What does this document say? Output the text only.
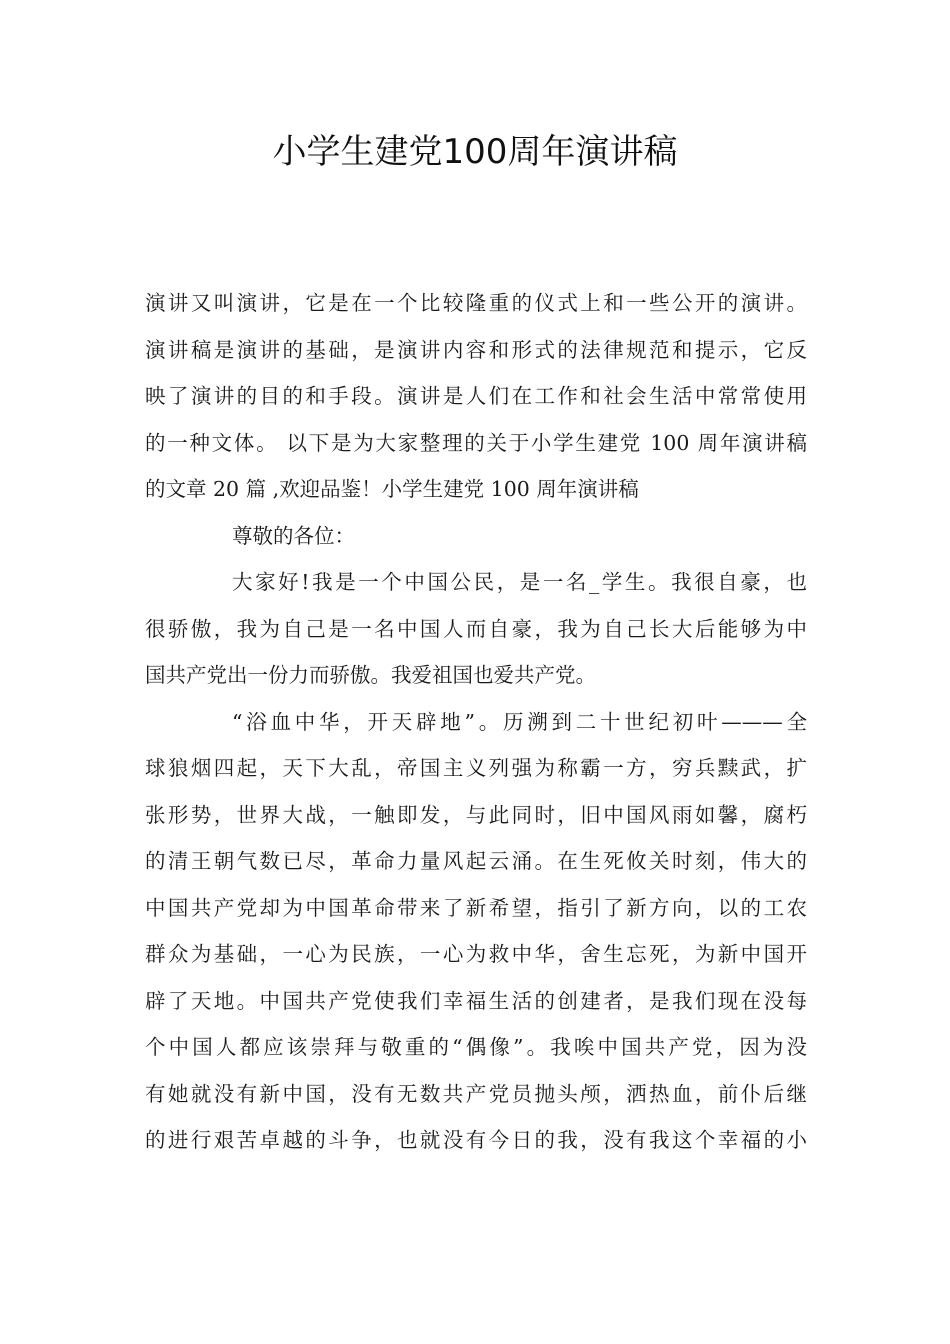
小学生建党100周年演讲稿
演讲又叫演讲，它是在一个比较隆重的仪式上和一些公开的演讲。
演讲稿是演讲的基础，是演讲内容和形式的法律规范和提示，它反
映了演讲的目的和手段。演讲是人们在工作和社会生活中常常使用
的一种文体。 以下是为大家整理的关于小学生建党 100 周年演讲稿
的文章 20 篇 ,欢迎品鉴！小学生建党 100 周年演讲稿
尊敬的各位：
大家好!我是一个中国公民，是一名_学生。我很自豪，也
很骄傲，我为自己是一名中国人而自豪，我为自己长大后能够为中
国共产党出一份力而骄傲。我爱祖国也爱共产党。
“浴血中华，开天辟地”。历溯到二十世纪初叶———全
球狼烟四起，天下大乱，帝国主义列强为称霸一方，穷兵黩武，扩
张形势，世界大战，一触即发，与此同时，旧中国风雨如馨，腐朽
的清王朝气数已尽，革命力量风起云涌。在生死攸关时刻，伟大的
中国共产党却为中国革命带来了新希望，指引了新方向，以的工农
群众为基础，一心为民族，一心为救中华，舍生忘死，为新中国开
辟了天地。中国共产党使我们幸福生活的创建者，是我们现在没每
个中国人都应该崇拜与敬重的“偶像”。我唉中国共产党，因为没
有她就没有新中国，没有无数共产党员抛头颅，洒热血，前仆后继
的进行艰苦卓越的斗争，也就没有今日的我，没有我这个幸福的小
